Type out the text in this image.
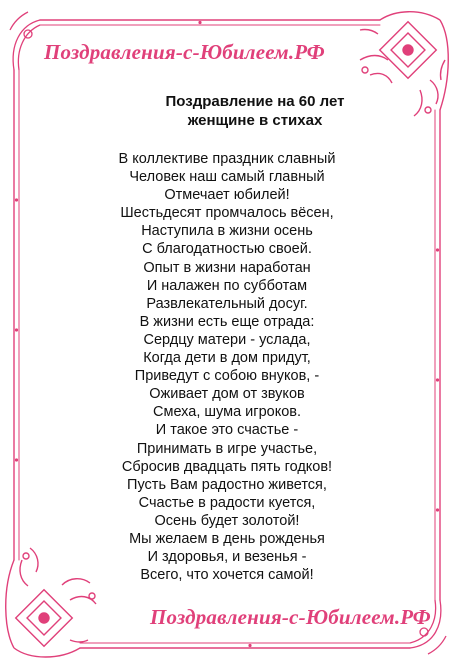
Поздравления-с-Юбилеем.РФ
Поздравление на 60 лет
женщине в стихах
В коллективе праздник славный
Человек наш самый главный
Отмечает юбилей!
Шестьдесят промчалось вёсен,
Наступила в жизни осень
С благодатностью своей.
Опыт в жизни наработан
И налажен по субботам
Развлекательный досуг.
В жизни есть еще отрада:
Сердцу матери - услада,
Когда дети в дом придут,
Приведут с собою внуков, -
Оживает дом от звуков
Смеха, шума игроков.
И такое это счастье -
Принимать в игре участье,
Сбросив двадцать пять годков!
Пусть Вам радостно живется,
Счастье в радости куется,
Осень будет золотой!
Мы желаем в день рожденья
И здоровья, и везенья -
Всего, что хочется самой!
Поздравления-с-Юбилеем.РФ
